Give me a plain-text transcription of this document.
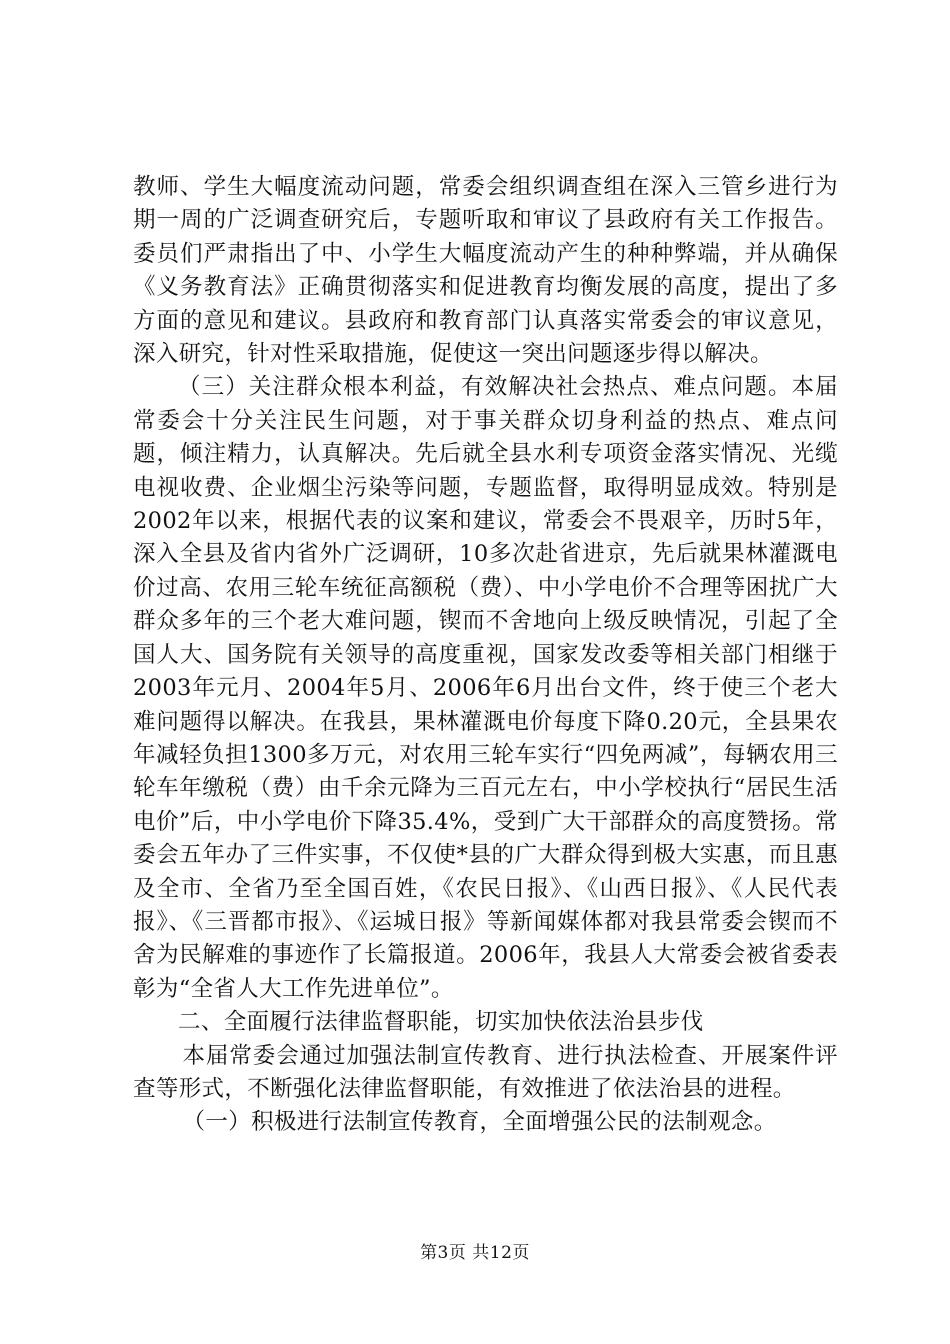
教师、学生大幅度流动问题，常委会组织调查组在深入三管乡进行为期一周的广泛调查研究后，专题听取和审议了县政府有关工作报告。委员们严肃指出了中、小学生大幅度流动产生的种种弊端，并从确保《义务教育法》正确贯彻落实和促进教育均衡发展的高度，提出了多方面的意见和建议。县政府和教育部门认真落实常委会的审议意见，深入研究，针对性采取措施，促使这一突出问题逐步得以解决。

（三）关注群众根本利益，有效解决社会热点、难点问题。本届常委会十分关注民生问题，对于事关群众切身利益的热点、难点问题，倾注精力，认真解决。先后就全县水利专项资金落实情况、光缆电视收费、企业烟尘污染等问题，专题监督，取得明显成效。特别是2002年以来，根据代表的议案和建议，常委会不畏艰辛，历时5年，深入全县及省内省外广泛调研，10多次赴省进京，先后就果林灌溉电价过高、农用三轮车统征高额税（费）、中小学电价不合理等困扰广大群众多年的三个老大难问题，锲而不舍地向上级反映情况，引起了全国人大、国务院有关领导的高度重视，国家发改委等相关部门相继于2003年元月、2004年5月、2006年6月出台文件，终于使三个老大难问题得以解决。在我县，果林灌溉电价每度下降0.20元，全县果农年减轻负担1300多万元，对农用三轮车实行“四免两减”，每辆农用三轮车年缴税（费）由千余元降为三百元左右，中小学校执行“居民生活电价”后，中小学电价下降35.4%，受到广大干部群众的高度赞扬。常委会五年办了三件实事，不仅使*县的广大群众得到极大实惠，而且惠及全市、全省乃至全国百姓，《农民日报》、《山西日报》、《人民代表报》、《三晋都市报》、《运城日报》等新闻媒体都对我县常委会锲而不舍为民解难的事迹作了长篇报道。2006年，我县人大常委会被省委表彰为“全省人大工作先进单位”。

二、全面履行法律监督职能，切实加快依法治县步伐

本届常委会通过加强法制宣传教育、进行执法检查、开展案件评查等形式，不断强化法律监督职能，有效推进了依法治县的进程。

（一）积极进行法制宣传教育，全面增强公民的法制观念。

第3页 共12页
